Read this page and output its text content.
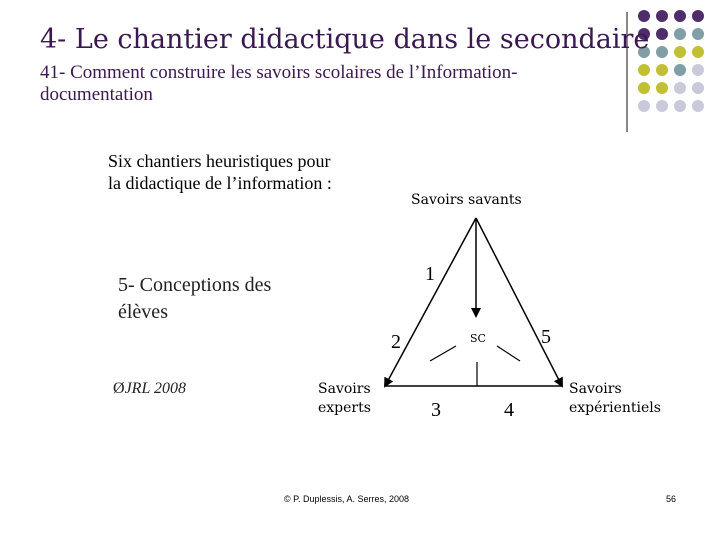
4- Le chantier didactique dans le secondaire
41- Comment construire les savoirs scolaires de l’Information-documentation
Six chantiers heuristiques pour la didactique de l’information :
Savoirs savants
1
2
3	4
5
SC
Savoirs
experts
Savoirs
expérientiels
5- Conceptions des élèves
ØJRL 2008
© P. Duplessis, A. Serres, 2008	56
